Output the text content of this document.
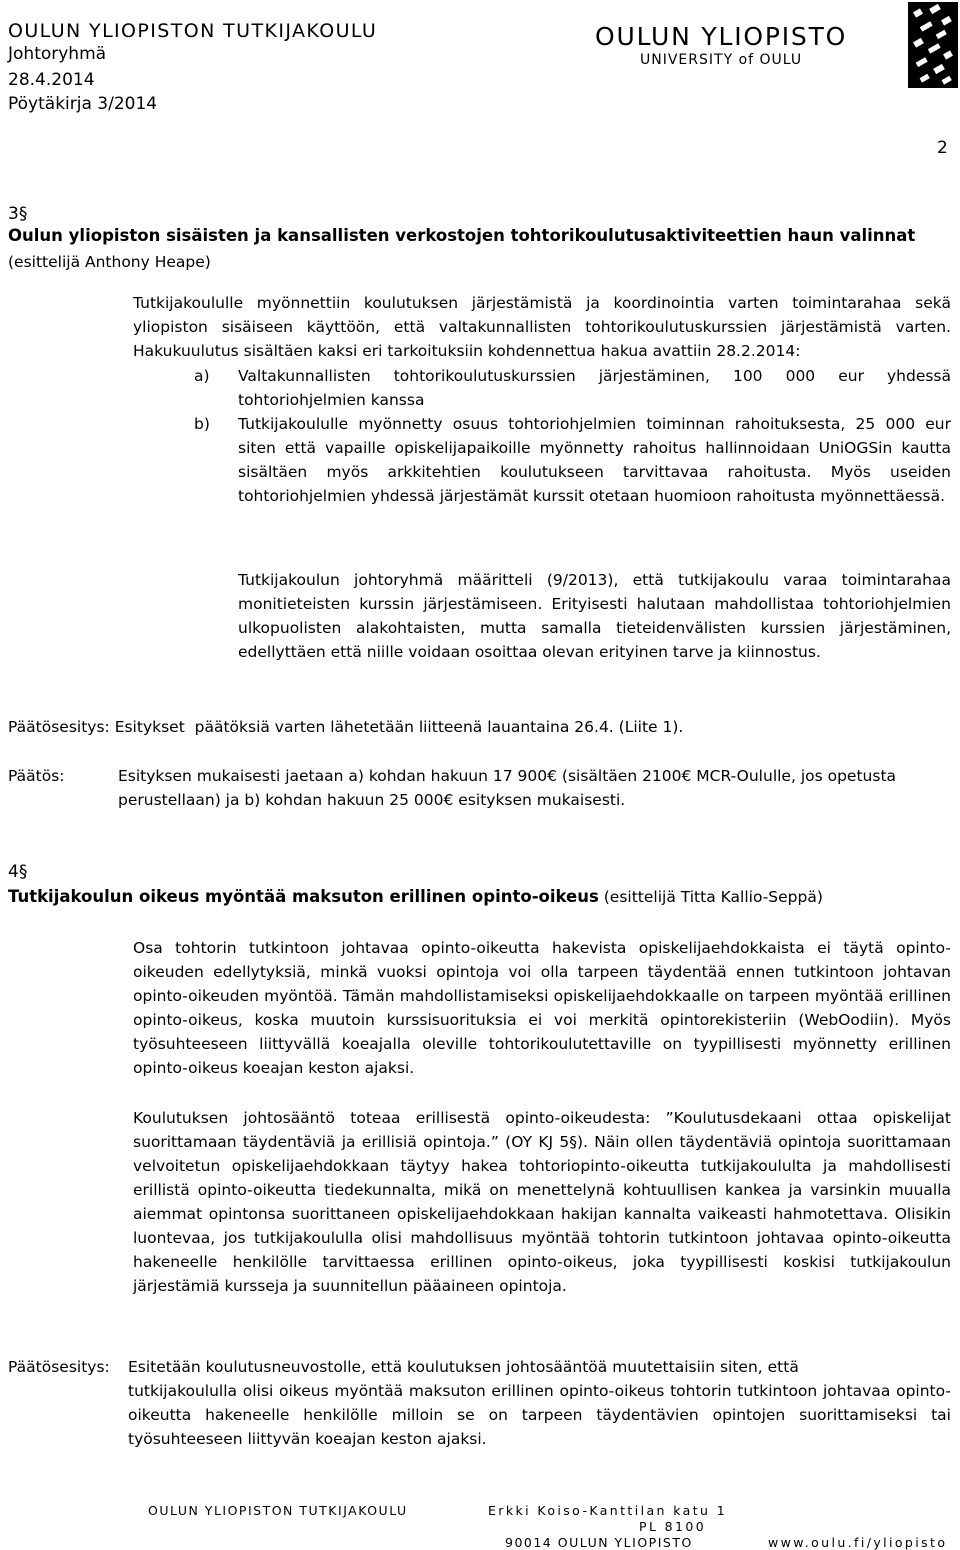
OULUN YLIOPISTON TUTKIJAKOULU
Johtoryhmä
28.4.2014
Pöytäkirja 3/2014
OULUN YLIOPISTO
UNIVERSITY of OULU
2
3§
Oulun yliopiston sisäisten ja kansallisten verkostojen tohtorikoulutusaktiviteettien haun valinnat
(esittelijä Anthony Heape)

Tutkijakoululle myönnettiin koulutuksen järjestämistä ja koordinointia varten toimintarahaa sekä yliopiston sisäiseen käyttöön, että valtakunnallisten tohtorikoulutuskurssien järjestämistä varten. Hakukuulutus sisältäen kaksi eri tarkoituksiin kohdennettua hakua avattiin 28.2.2014:

a)	Valtakunnallisten tohtorikoulutuskurssien järjestäminen, 100 000 eur yhdessä tohtoriohjelmien kanssa
b)	Tutkijakoululle myönnetty osuus tohtoriohjelmien toiminnan rahoituksesta, 25 000 eur siten että vapaille opiskelijapaikoille myönnetty rahoitus hallinnoidaan UniOGSin kautta sisältäen myös arkkitehtien koulutukseen tarvittavaa rahoitusta. Myös useiden tohtoriohjelmien yhdessä järjestämät kurssit otetaan huomioon rahoitusta myönnettäessä.

Tutkijakoulun johtoryhmä määritteli (9/2013), että tutkijakoulu varaa toimintarahaa monitieteisten kurssin järjestämiseen. Erityisesti halutaan mahdollistaa tohtoriohjelmien ulkopuolisten alakohtaisten, mutta samalla tieteidenvälisten kurssien järjestäminen, edellyttäen että niille voidaan osoittaa olevan erityinen tarve ja kiinnostus.

Päätösesitys: Esitykset  päätöksiä varten lähetetään liitteenä lauantaina 26.4. (Liite 1).
Päätös:	Esityksen mukaisesti jaetaan a) kohdan hakuun 17 900€ (sisältäen 2100€ MCR-Oululle, jos opetusta perustellaan) ja b) kohdan hakuun 25 000€ esityksen mukaisesti.

4§
Tutkijakoulun oikeus myöntää maksuton erillinen opinto-oikeus (esittelijä Titta Kallio-Seppä)

Osa tohtorin tutkintoon johtavaa opinto-oikeutta hakevista opiskelijaehdokkaista ei täytä opinto-oikeuden edellytyksiä, minkä vuoksi opintoja voi olla tarpeen täydentää ennen tutkintoon johtavan opinto-oikeuden myöntöä. Tämän mahdollistamiseksi opiskelijaehdokkaalle on tarpeen myöntää erillinen opinto-oikeus, koska muutoin kurssisuorituksia ei voi merkitä opintorekisteriin (WebOodiin). Myös työsuhteeseen liittyvällä koeajalla oleville tohtorikoulutettaville on tyypillisesti myönnetty erillinen opinto-oikeus koeajan keston ajaksi.

Koulutuksen johtosääntö toteaa erillisestä opinto-oikeudesta: ”Koulutusdekaani ottaa opiskelijat suorittamaan täydentäviä ja erillisiä opintoja.” (OY KJ 5§). Näin ollen täydentäviä opintoja suorittamaan velvoitetun opiskelijaehdokkaan täytyy hakea tohtoriopinto-oikeutta tutkijakoululta ja mahdollisesti erillistä opinto-oikeutta tiedekunnalta, mikä on menettelynä kohtuullisen kankea ja varsinkin muualla aiemmat opintonsa suorittaneen opiskelijaehdokkaan hakijan kannalta vaikeasti hahmotettava. Olisikin luontevaa, jos tutkijakoululla olisi mahdollisuus myöntää tohtorin tutkintoon johtavaa opinto-oikeutta hakeneelle henkilölle tarvittaessa erillinen opinto-oikeus, joka tyypillisesti koskisi tutkijakoulun järjestämiä kursseja ja suunnitellun pääaineen opintoja.

Päätösesitys: Esitetään koulutusneuvostolle, että koulutuksen johtosääntöä muutettaisiin siten, että

tutkijakoululla olisi oikeus myöntää maksuton erillinen opinto-oikeus tohtorin tutkintoon johtavaa opinto-oikeutta hakeneelle henkilölle milloin se on tarpeen täydentävien opintojen suorittamiseksi tai työsuhteeseen liittyvän koeajan keston ajaksi.

OULUN YLIOPISTON TUTKIJAKOULU	Erkki Koiso-Kanttilan katu 1
PL 8100
90014 OULUN YLIOPISTO	www.oulu.fi/yliopisto
